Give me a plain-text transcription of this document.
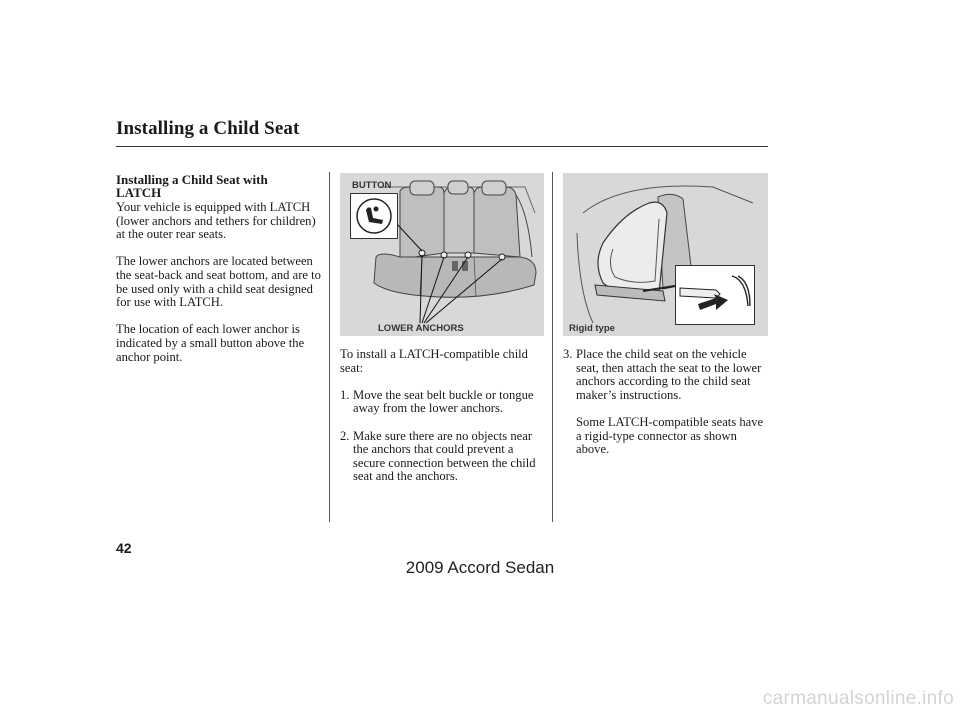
Installing a Child Seat
Installing a Child Seat with LATCH

Your vehicle is equipped with LATCH (lower anchors and tethers for children) at the outer rear seats.

The lower anchors are located between the seat-back and seat bottom, and are to be used only with a child seat designed for use with LATCH.

The location of each lower anchor is indicated by a small button above the anchor point.

BUTTON
LOWER ANCHORS

To install a LATCH-compatible child seat:

1. Move the seat belt buckle or tongue away from the lower anchors.
2. Make sure there are no objects near the anchors that could prevent a secure connection between the child seat and the anchors.
Rigid type
3. Place the child seat on the vehicle seat, then attach the seat to the lower anchors according to the child seat maker’s instructions.
Some LATCH-compatible seats have a rigid-type connector as shown above.
42
2009 Accord Sedan
carmanualsonline.info
